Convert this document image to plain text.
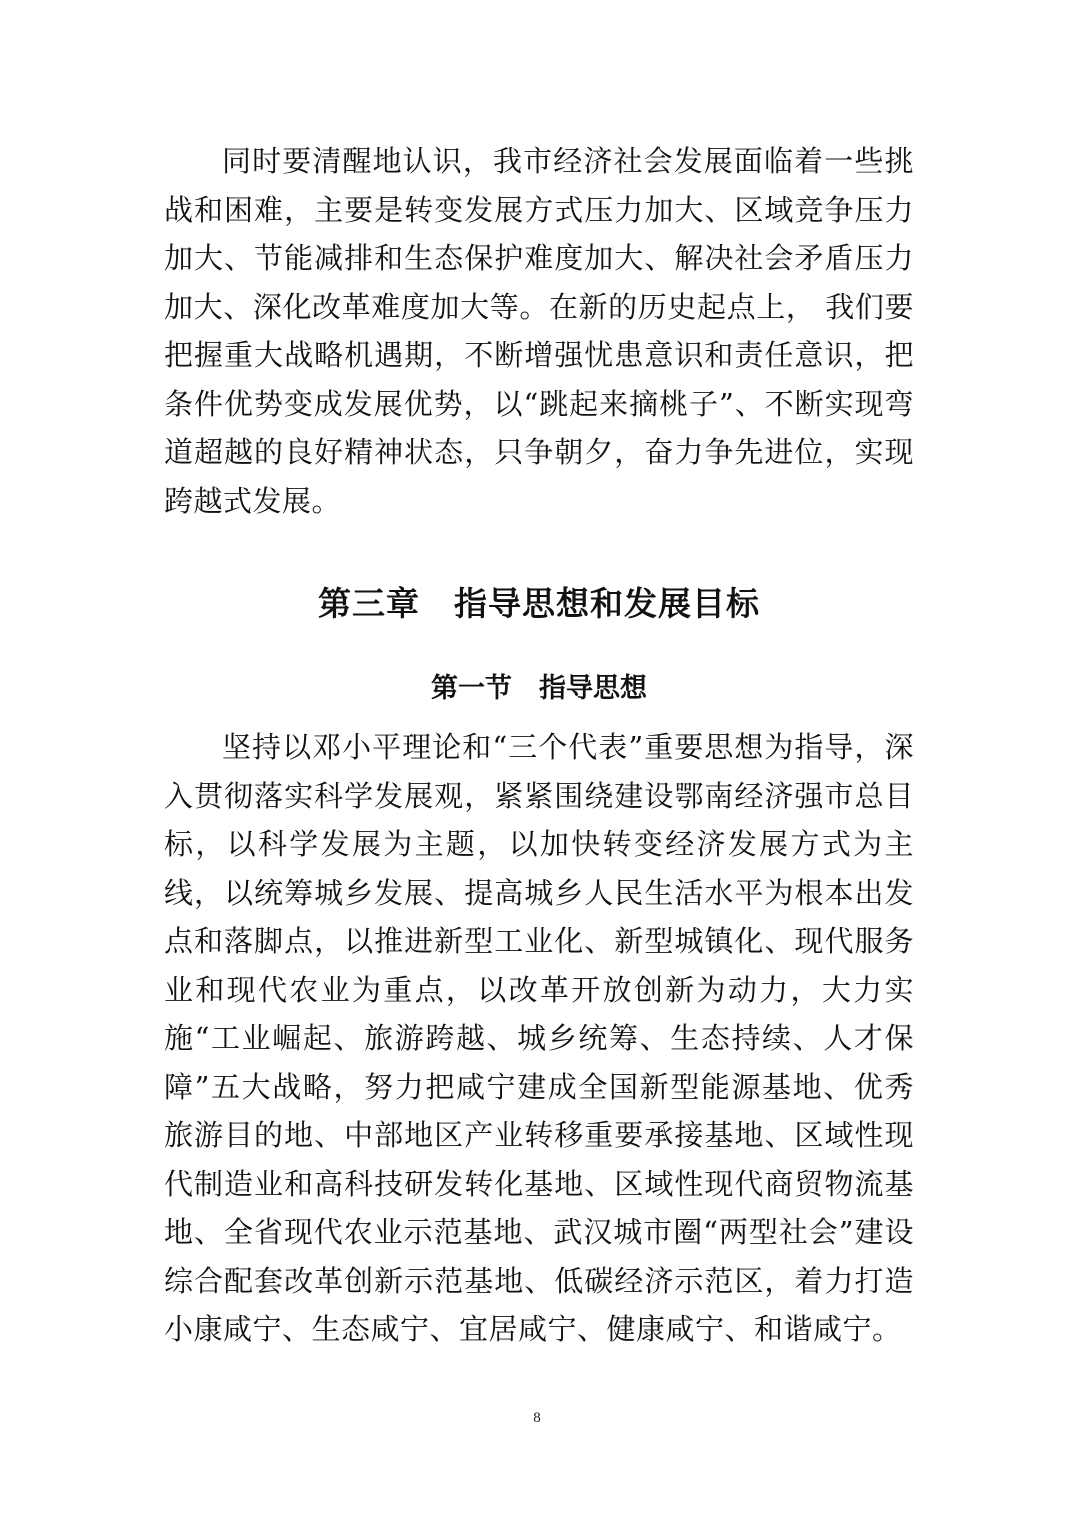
同时要清醒地认识，我市经济社会发展面临着一些挑战和困难，主要是转变发展方式压力加大、区域竞争压力加大、节能减排和生态保护难度加大、解决社会矛盾压力加大、深化改革难度加大等。在新的历史起点上， 我们要把握重大战略机遇期，不断增强忧患意识和责任意识，把条件优势变成发展优势，以“跳起来摘桃子”、不断实现弯道超越的良好精神状态，只争朝夕，奋力争先进位，实现跨越式发展。

第三章　指导思想和发展目标
第一节　指导思想

坚持以邓小平理论和“三个代表”重要思想为指导，深入贯彻落实科学发展观，紧紧围绕建设鄂南经济强市总目标，以科学发展为主题，以加快转变经济发展方式为主线，以统筹城乡发展、提高城乡人民生活水平为根本出发点和落脚点，以推进新型工业化、新型城镇化、现代服务业和现代农业为重点，以改革开放创新为动力，大力实施“工业崛起、旅游跨越、城乡统筹、生态持续、人才保障”五大战略，努力把咸宁建成全国新型能源基地、优秀旅游目的地、中部地区产业转移重要承接基地、区域性现代制造业和高科技研发转化基地、区域性现代商贸物流基地、全省现代农业示范基地、武汉城市圈“两型社会”建设综合配套改革创新示范基地、低碳经济示范区，着力打造小康咸宁、生态咸宁、宜居咸宁、健康咸宁、和谐咸宁。

8
